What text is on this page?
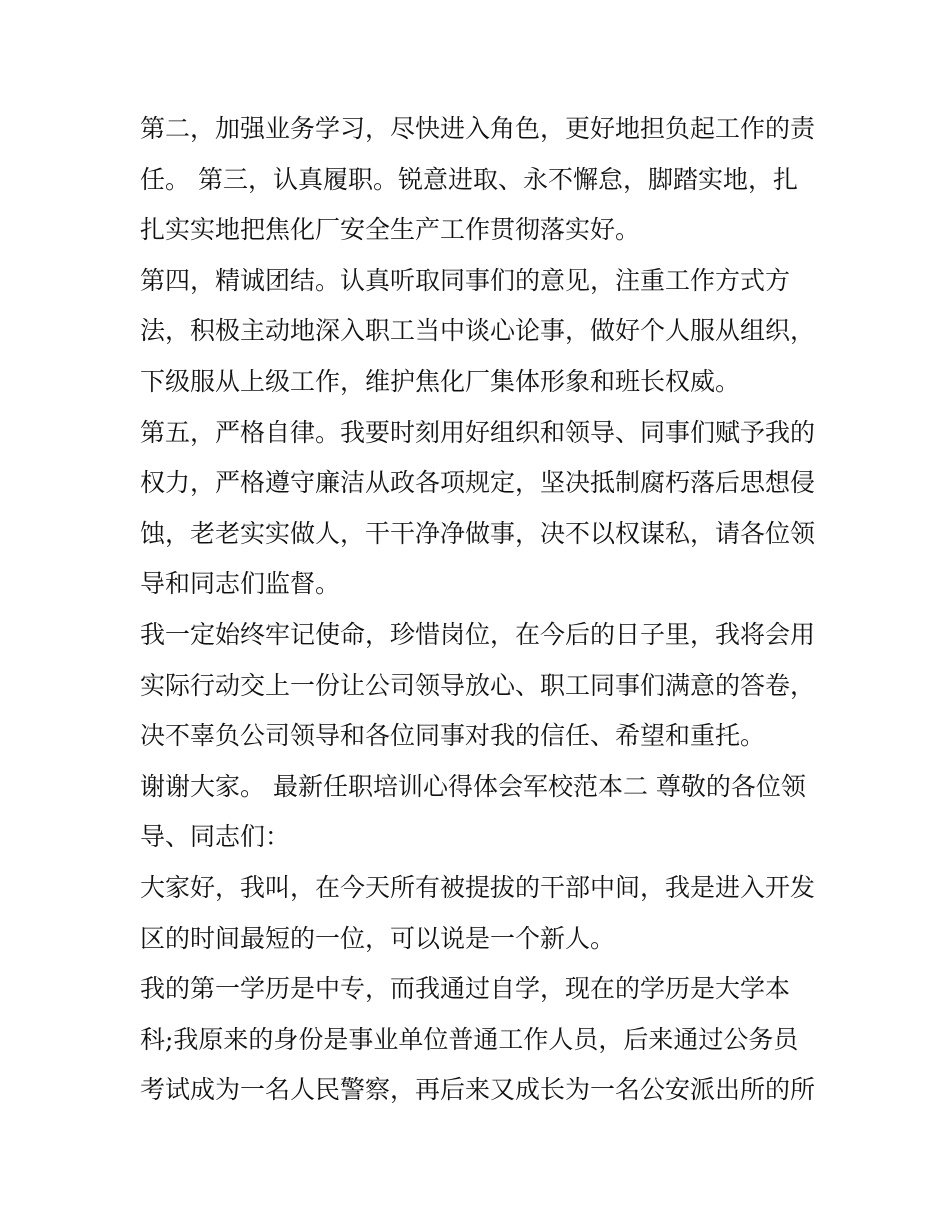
第二，加强业务学习，尽快进入角色，更好地担负起工作的责
任。 第三，认真履职。锐意进取、永不懈怠，脚踏实地，扎
扎实实地把焦化厂安全生产工作贯彻落实好。
第四，精诚团结。认真听取同事们的意见，注重工作方式方
法，积极主动地深入职工当中谈心论事，做好个人服从组织，
下级服从上级工作，维护焦化厂集体形象和班长权威。
第五，严格自律。我要时刻用好组织和领导、同事们赋予我的
权力，严格遵守廉洁从政各项规定，坚决抵制腐朽落后思想侵
蚀，老老实实做人，干干净净做事，决不以权谋私，请各位领
导和同志们监督。
我一定始终牢记使命，珍惜岗位，在今后的日子里，我将会用
实际行动交上一份让公司领导放心、职工同事们满意的答卷，
决不辜负公司领导和各位同事对我的信任、希望和重托。
谢谢大家。 最新任职培训心得体会军校范本二 尊敬的各位领
导、同志们：
大家好，我叫，在今天所有被提拔的干部中间，我是进入开发
区的时间最短的一位，可以说是一个新人。
我的第一学历是中专，而我通过自学，现在的学历是大学本
科;我原来的身份是事业单位普通工作人员，后来通过公务员
考试成为一名人民警察，再后来又成长为一名公安派出所的所
